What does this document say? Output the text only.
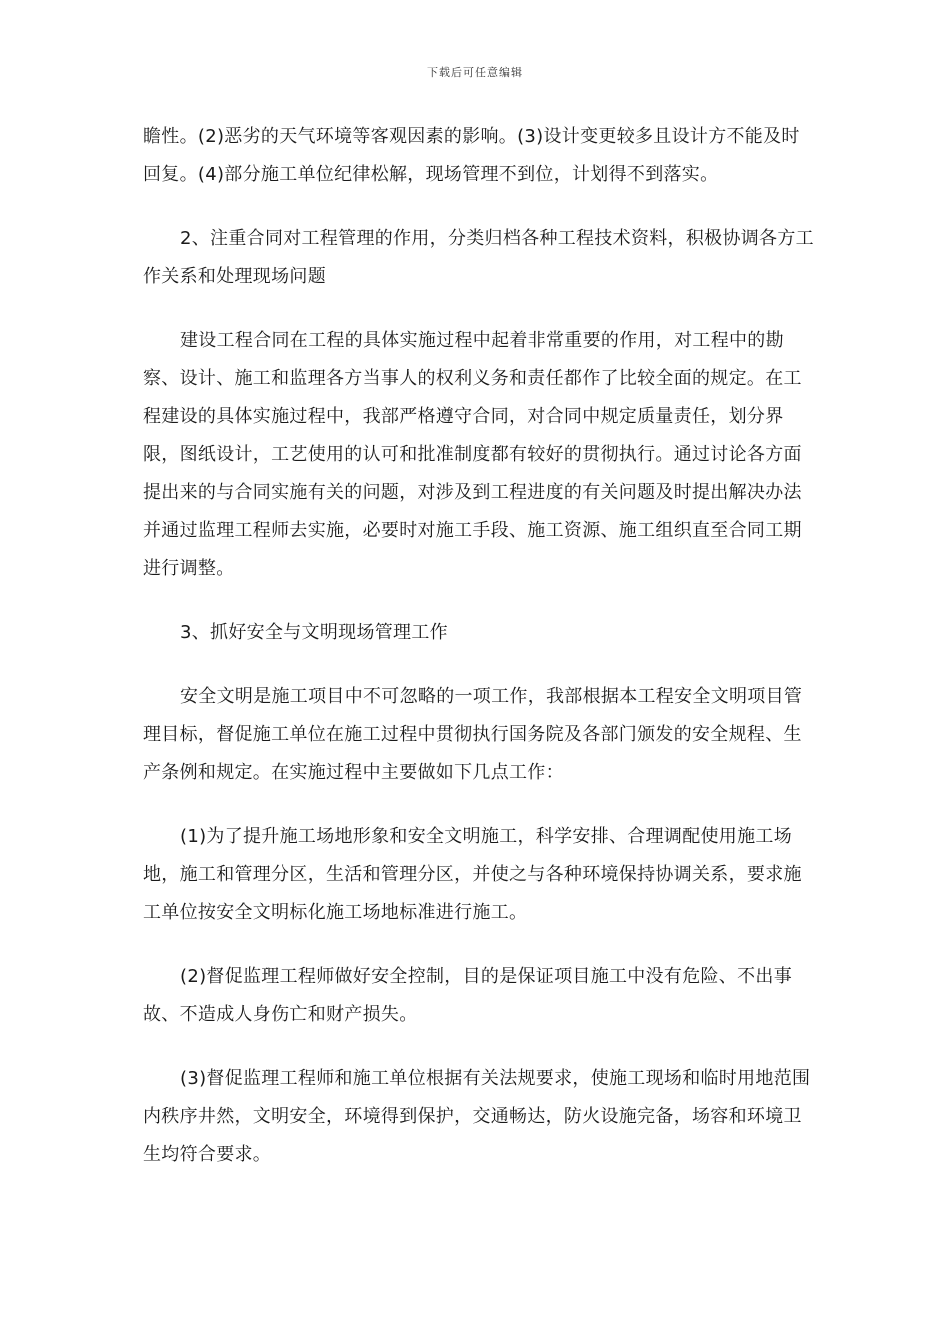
下载后可任意编辑

瞻性。(2)恶劣的天气环境等客观因素的影响。(3)设计变更较多且设计方不能及时回复。(4)部分施工单位纪律松解，现场管理不到位，计划得不到落实。

2、注重合同对工程管理的作用，分类归档各种工程技术资料，积极协调各方工作关系和处理现场问题

建设工程合同在工程的具体实施过程中起着非常重要的作用，对工程中的勘察、设计、施工和监理各方当事人的权利义务和责任都作了比较全面的规定。在工程建设的具体实施过程中，我部严格遵守合同，对合同中规定质量责任，划分界限，图纸设计，工艺使用的认可和批准制度都有较好的贯彻执行。通过讨论各方面提出来的与合同实施有关的问题，对涉及到工程进度的有关问题及时提出解决办法并通过监理工程师去实施，必要时对施工手段、施工资源、施工组织直至合同工期进行调整。

3、抓好安全与文明现场管理工作

安全文明是施工项目中不可忽略的一项工作，我部根据本工程安全文明项目管理目标，督促施工单位在施工过程中贯彻执行国务院及各部门颁发的安全规程、生产条例和规定。在实施过程中主要做如下几点工作：

(1)为了提升施工场地形象和安全文明施工，科学安排、合理调配使用施工场地，施工和管理分区，生活和管理分区，并使之与各种环境保持协调关系，要求施工单位按安全文明标化施工场地标准进行施工。

(2)督促监理工程师做好安全控制，目的是保证项目施工中没有危险、不出事故、不造成人身伤亡和财产损失。

(3)督促监理工程师和施工单位根据有关法规要求，使施工现场和临时用地范围内秩序井然，文明安全，环境得到保护，交通畅达，防火设施完备，场容和环境卫生均符合要求。
